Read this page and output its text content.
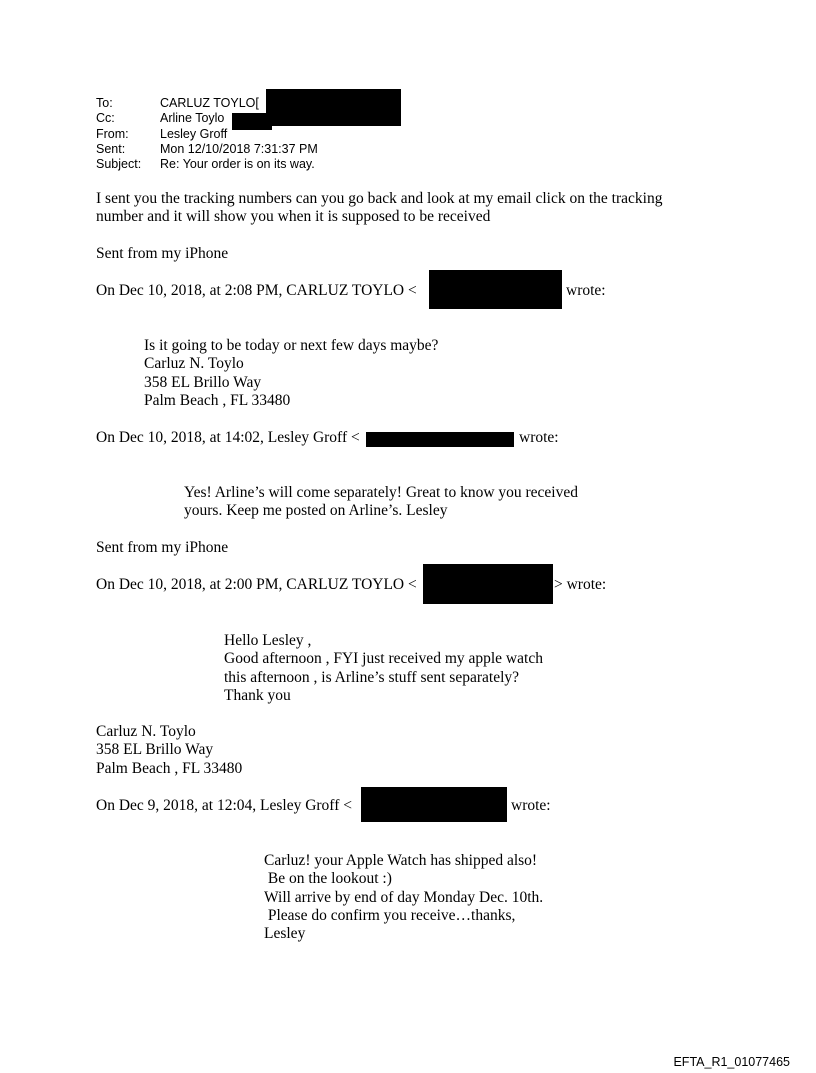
To:	CARLUZ TOYLO[
Cc:	Arline Toylo
From:	Lesley Groff
Sent:	Mon 12/10/2018 7:31:37 PM
Subject: Re: Your order is on its way.
I sent you the tracking numbers can you go back and look at my email click on the tracking
number and it will show you when it is supposed to be received
Sent from my iPhone
On Dec 10, 2018, at 2:08 PM, CARLUZ TOYLO <	wrote:
Is it going to be today or next few days maybe?
Carluz N. Toylo
358 EL Brillo Way
Palm Beach , FL 33480
On Dec 10, 2018, at 14:02, Lesley Groff <	wrote:
Yes! Arline’s will come separately! Great to know you received
yours. Keep me posted on Arline’s. Lesley
Sent from my iPhone
On Dec 10, 2018, at 2:00 PM, CARLUZ TOYLO <	> wrote:
Hello Lesley ,
Good afternoon , FYI just received my apple watch
this afternoon , is Arline’s stuff sent separately?
Thank you
Carluz N. Toylo
358 EL Brillo Way
Palm Beach , FL 33480
On Dec 9, 2018, at 12:04, Lesley Groff <	wrote:
Carluz! your Apple Watch has shipped also!
Be on the lookout :)
Will arrive by end of day Monday Dec. 10th.
Please do confirm you receive…thanks,
Lesley
EFTA_R1_01077465
